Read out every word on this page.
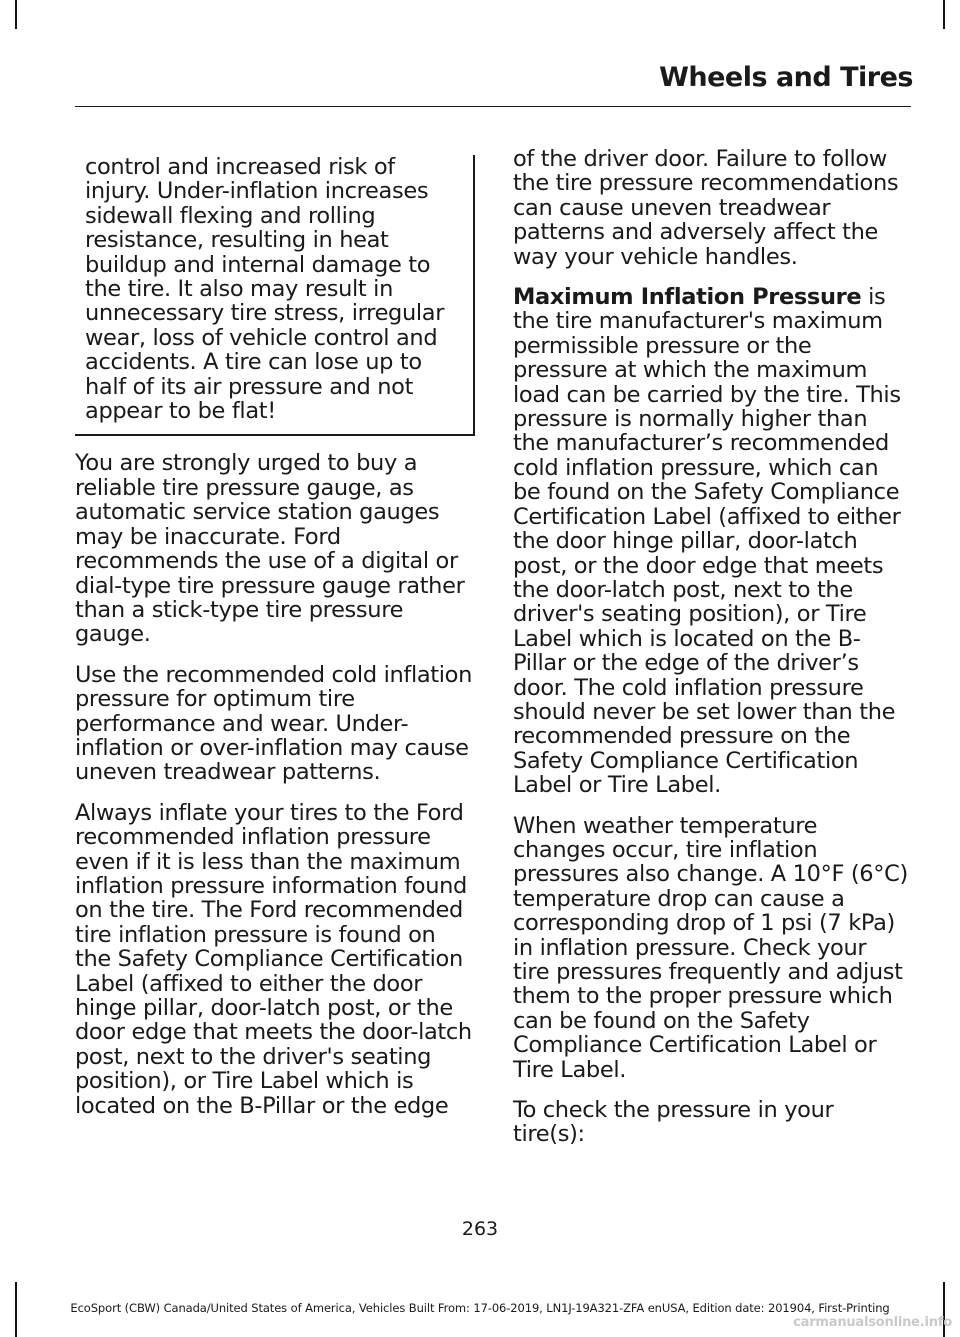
Wheels and Tires
control and increased risk of injury. Under-inflation increases sidewall flexing and rolling resistance, resulting in heat buildup and internal damage to the tire. It also may result in unnecessary tire stress, irregular wear, loss of vehicle control and accidents. A tire can lose up to half of its air pressure and not appear to be flat!

You are strongly urged to buy a reliable tire pressure gauge, as automatic service station gauges may be inaccurate. Ford recommends the use of a digital or dial-type tire pressure gauge rather than a stick-type tire pressure gauge.

Use the recommended cold inflation pressure for optimum tire performance and wear. Under-inflation or over-inflation may cause uneven treadwear patterns.

Always inflate your tires to the Ford recommended inflation pressure even if it is less than the maximum inflation pressure information found on the tire. The Ford recommended tire inflation pressure is found on the Safety Compliance Certification Label (affixed to either the door hinge pillar, door-latch post, or the door edge that meets the door-latch post, next to the driver's seating position), or Tire Label which is located on the B-Pillar or the edge

of the driver door. Failure to follow the tire pressure recommendations can cause uneven treadwear patterns and adversely affect the way your vehicle handles.

Maximum Inflation Pressure is the tire manufacturer's maximum permissible pressure or the pressure at which the maximum load can be carried by the tire. This pressure is normally higher than the manufacturer’s recommended cold inflation pressure, which can be found on the Safety Compliance Certification Label (affixed to either the door hinge pillar, door-latch post, or the door edge that meets the door-latch post, next to the driver's seating position), or Tire Label which is located on the B-Pillar or the edge of the driver’s door. The cold inflation pressure should never be set lower than the recommended pressure on the Safety Compliance Certification Label or Tire Label.

When weather temperature changes occur, tire inflation pressures also change. A 10°F (6°C) temperature drop can cause a corresponding drop of 1 psi (7 kPa) in inflation pressure. Check your tire pressures frequently and adjust them to the proper pressure which can be found on the Safety Compliance Certification Label or Tire Label.

To check the pressure in your tire(s):

263
EcoSport (CBW) Canada/United States of America, Vehicles Built From: 17-06-2019, LN1J-19A321-ZFA enUSA, Edition date: 201904, First-Printing
carmanualsonline.info
